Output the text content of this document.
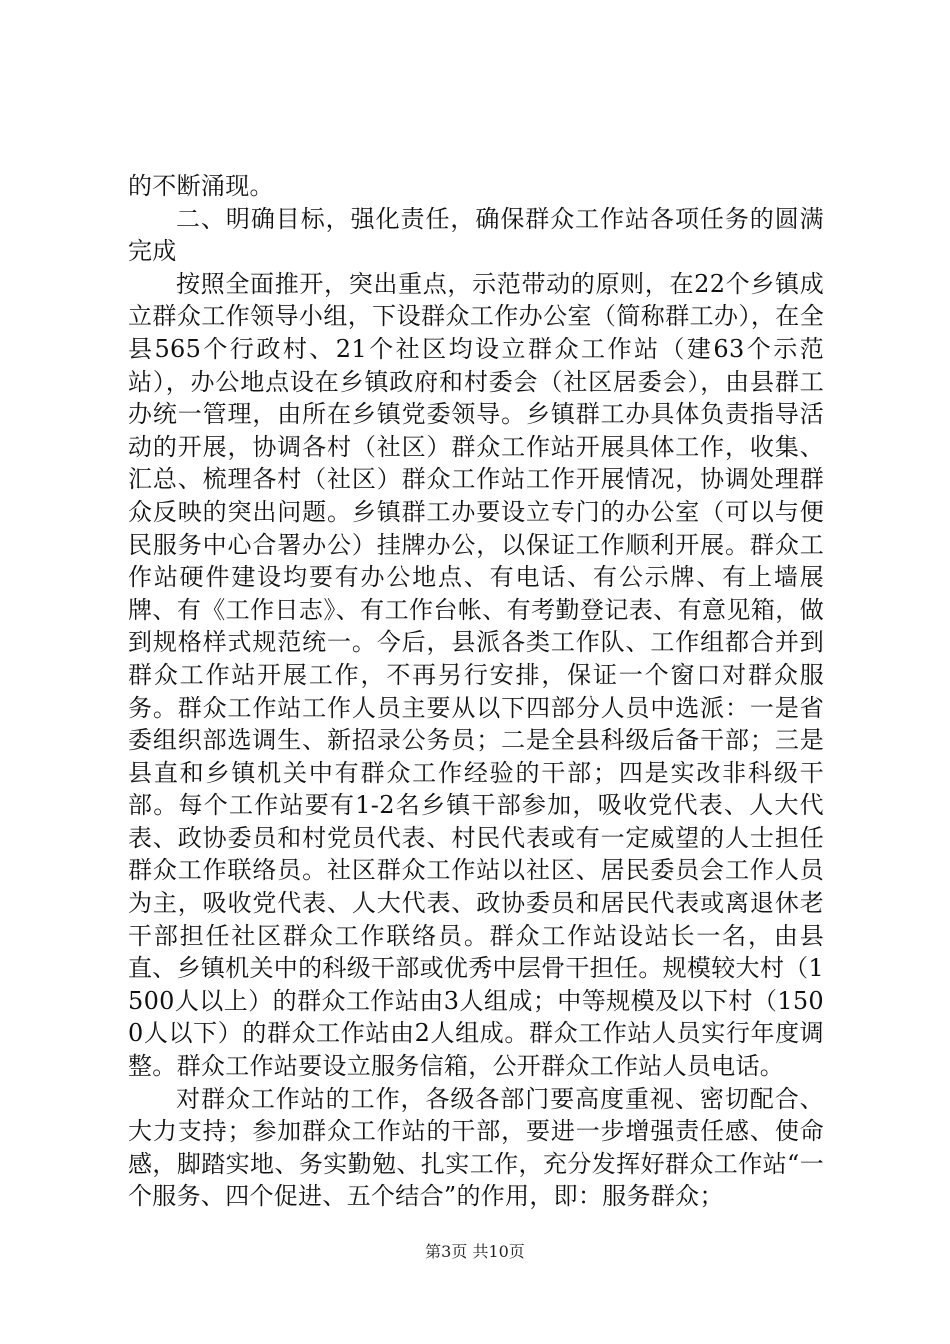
的不断涌现。

二、明确目标，强化责任，确保群众工作站各项任务的圆满完成

按照全面推开，突出重点，示范带动的原则，在22个乡镇成立群众工作领导小组，下设群众工作办公室（简称群工办），在全县565个行政村、21个社区均设立群众工作站（建63个示范站），办公地点设在乡镇政府和村委会（社区居委会），由县群工办统一管理，由所在乡镇党委领导。乡镇群工办具体负责指导活动的开展，协调各村（社区）群众工作站开展具体工作，收集、汇总、梳理各村（社区）群众工作站工作开展情况，协调处理群众反映的突出问题。乡镇群工办要设立专门的办公室（可以与便民服务中心合署办公）挂牌办公，以保证工作顺利开展。群众工作站硬件建设均要有办公地点、有电话、有公示牌、有上墙展牌、有《工作日志》、有工作台帐、有考勤登记表、有意见箱，做到规格样式规范统一。今后，县派各类工作队、工作组都合并到群众工作站开展工作，不再另行安排，保证一个窗口对群众服务。群众工作站工作人员主要从以下四部分人员中选派：一是省委组织部选调生、新招录公务员；二是全县科级后备干部；三是县直和乡镇机关中有群众工作经验的干部；四是实改非科级干部。每个工作站要有1-2名乡镇干部参加，吸收党代表、人大代表、政协委员和村党员代表、村民代表或有一定威望的人士担任群众工作联络员。社区群众工作站以社区、居民委员会工作人员为主，吸收党代表、人大代表、政协委员和居民代表或离退休老干部担任社区群众工作联络员。群众工作站设站长一名，由县直、乡镇机关中的科级干部或优秀中层骨干担任。规模较大村（1500人以上）的群众工作站由3人组成；中等规模及以下村（1500人以下）的群众工作站由2人组成。群众工作站人员实行年度调整。群众工作站要设立服务信箱，公开群众工作站人员电话。

对群众工作站的工作，各级各部门要高度重视、密切配合、大力支持；参加群众工作站的干部，要进一步增强责任感、使命感，脚踏实地、务实勤勉、扎实工作，充分发挥好群众工作站“一个服务、四个促进、五个结合”的作用，即：服务群众；

第3页 共10页
